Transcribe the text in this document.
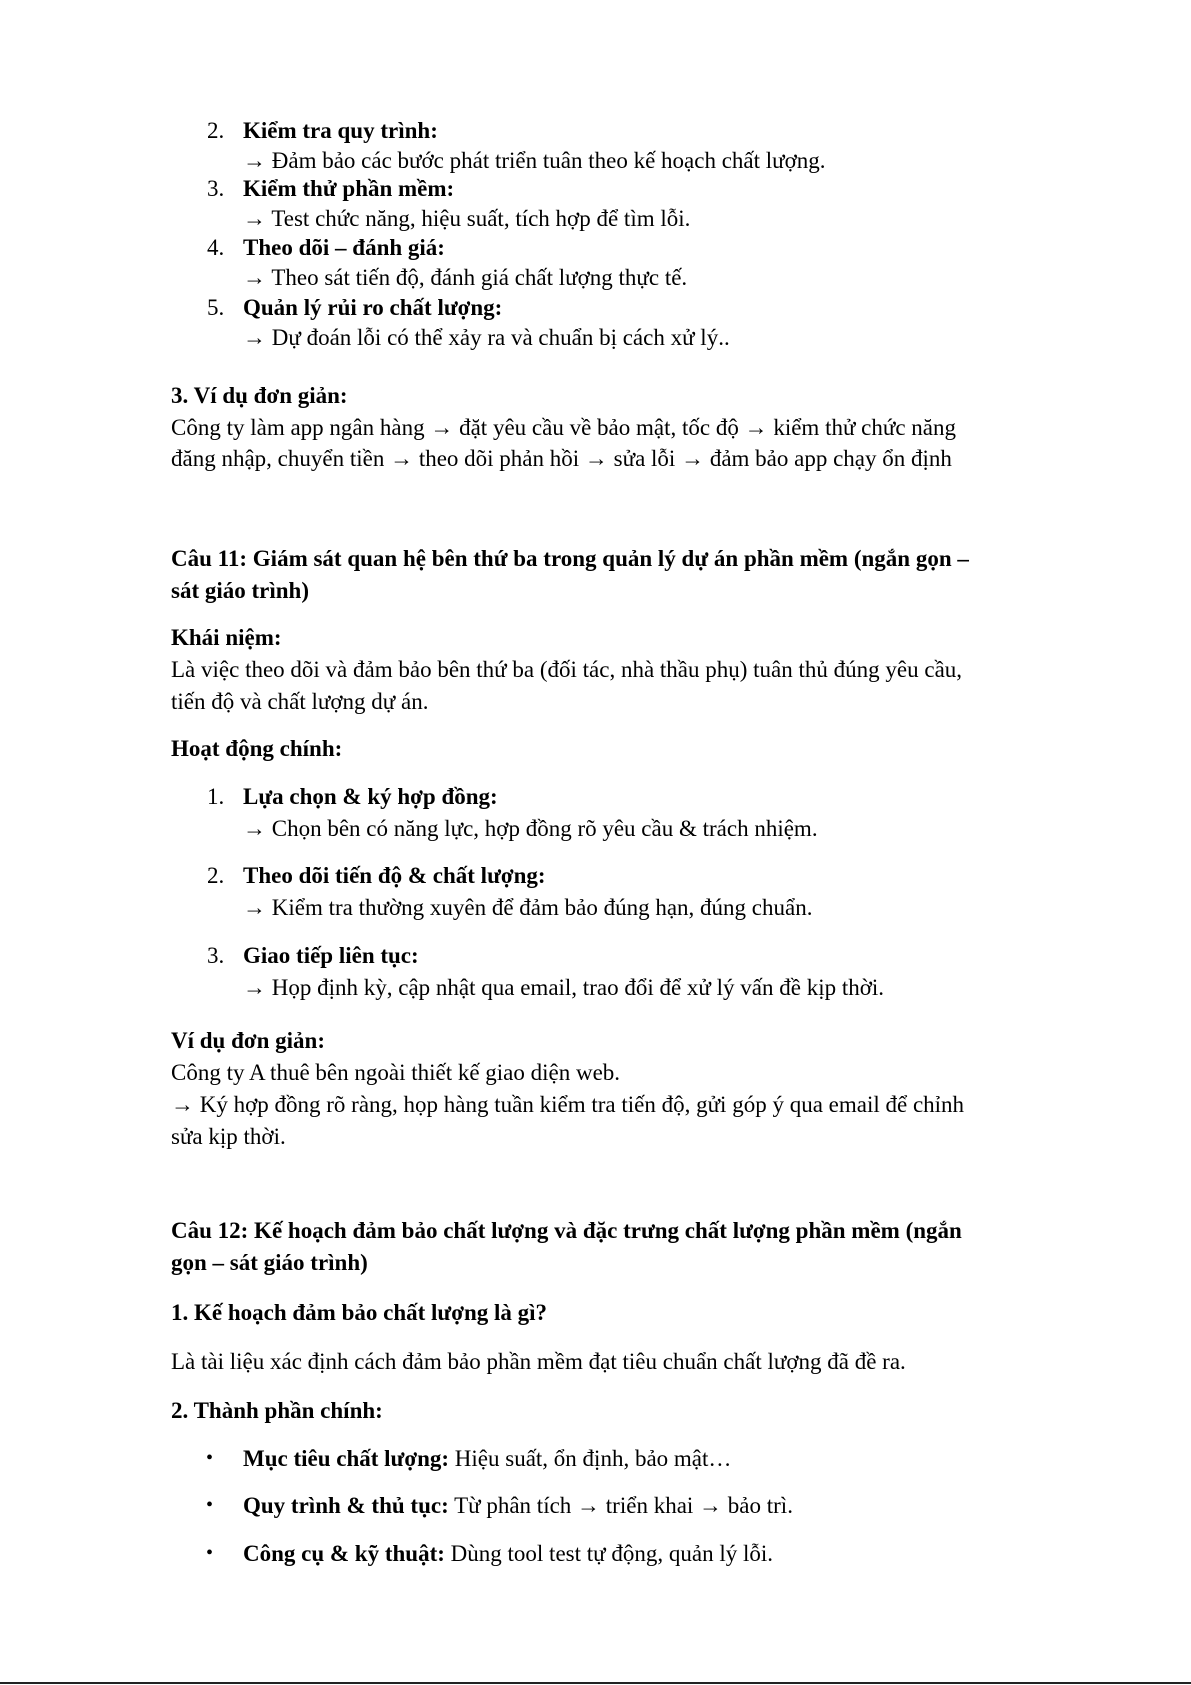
2. Kiểm tra quy trình:
→ Đảm bảo các bước phát triển tuân theo kế hoạch chất lượng.
3. Kiểm thử phần mềm:
→ Test chức năng, hiệu suất, tích hợp để tìm lỗi.
4. Theo dõi – đánh giá:
→ Theo sát tiến độ, đánh giá chất lượng thực tế.
5. Quản lý rủi ro chất lượng:
→ Dự đoán lỗi có thể xảy ra và chuẩn bị cách xử lý..
3. Ví dụ đơn giản:
Công ty làm app ngân hàng → đặt yêu cầu về bảo mật, tốc độ → kiểm thử chức năng
đăng nhập, chuyển tiền → theo dõi phản hồi → sửa lỗi → đảm bảo app chạy ổn định
Câu 11: Giám sát quan hệ bên thứ ba trong quản lý dự án phần mềm (ngắn gọn –
sát giáo trình)
Khái niệm:
Là việc theo dõi và đảm bảo bên thứ ba (đối tác, nhà thầu phụ) tuân thủ đúng yêu cầu,
tiến độ và chất lượng dự án.
Hoạt động chính:
1. Lựa chọn & ký hợp đồng:
→ Chọn bên có năng lực, hợp đồng rõ yêu cầu & trách nhiệm.
2. Theo dõi tiến độ & chất lượng:
→ Kiểm tra thường xuyên để đảm bảo đúng hạn, đúng chuẩn.
3. Giao tiếp liên tục:
→ Họp định kỳ, cập nhật qua email, trao đổi để xử lý vấn đề kịp thời.
Ví dụ đơn giản:
Công ty A thuê bên ngoài thiết kế giao diện web.
→ Ký hợp đồng rõ ràng, họp hàng tuần kiểm tra tiến độ, gửi góp ý qua email để chỉnh
sửa kịp thời.
Câu 12: Kế hoạch đảm bảo chất lượng và đặc trưng chất lượng phần mềm (ngắn
gọn – sát giáo trình)
1. Kế hoạch đảm bảo chất lượng là gì?
Là tài liệu xác định cách đảm bảo phần mềm đạt tiêu chuẩn chất lượng đã đề ra.
2. Thành phần chính:
• Mục tiêu chất lượng: Hiệu suất, ổn định, bảo mật…
• Quy trình & thủ tục: Từ phân tích → triển khai → bảo trì.
• Công cụ & kỹ thuật: Dùng tool test tự động, quản lý lỗi.
